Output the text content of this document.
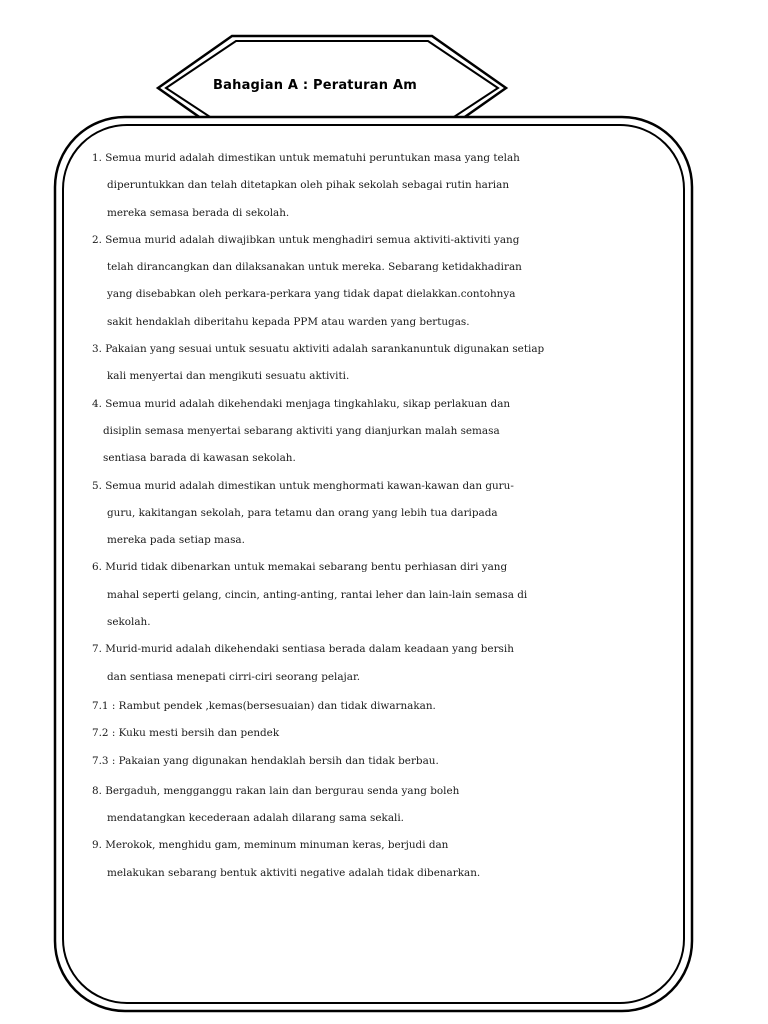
Bahagian A : Peraturan Am
1. Semua murid adalah dimestikan untuk mematuhi peruntukan masa yang telah
diperuntukkan dan telah ditetapkan oleh pihak sekolah sebagai rutin harian
mereka semasa berada di sekolah.
2. Semua murid adalah diwajibkan untuk menghadiri semua aktiviti-aktiviti yang
telah dirancangkan dan dilaksanakan untuk mereka. Sebarang ketidakhadiran
yang disebabkan oleh perkara-perkara yang tidak dapat dielakkan.contohnya
sakit hendaklah diberitahu kepada PPM atau warden yang bertugas.
3. Pakaian yang sesuai untuk sesuatu aktiviti adalah sarankanuntuk digunakan setiap
kali menyertai dan mengikuti sesuatu aktiviti.
4. Semua murid adalah dikehendaki menjaga tingkahlaku, sikap perlakuan dan
disiplin semasa menyertai sebarang aktiviti yang dianjurkan malah semasa
sentiasa barada di kawasan sekolah.
5. Semua murid adalah dimestikan untuk menghormati kawan-kawan dan guru-
guru, kakitangan sekolah, para tetamu dan orang yang lebih tua daripada
mereka pada setiap masa.
6. Murid tidak dibenarkan untuk memakai sebarang bentu perhiasan diri yang
mahal seperti gelang, cincin, anting-anting, rantai leher dan lain-lain semasa di
sekolah.
7. Murid-murid adalah dikehendaki sentiasa berada dalam keadaan yang bersih
dan sentiasa menepati cirri-ciri seorang pelajar.
7.1 : Rambut pendek ,kemas(bersesuaian) dan tidak diwarnakan.
7.2 : Kuku mesti bersih dan pendek
7.3 : Pakaian yang digunakan hendaklah bersih dan tidak berbau.
8. Bergaduh, mengganggu rakan lain dan bergurau senda yang boleh
mendatangkan kecederaan adalah dilarang sama sekali.
9. Merokok, menghidu gam, meminum minuman keras, berjudi dan
melakukan sebarang bentuk aktiviti negative adalah tidak dibenarkan.
